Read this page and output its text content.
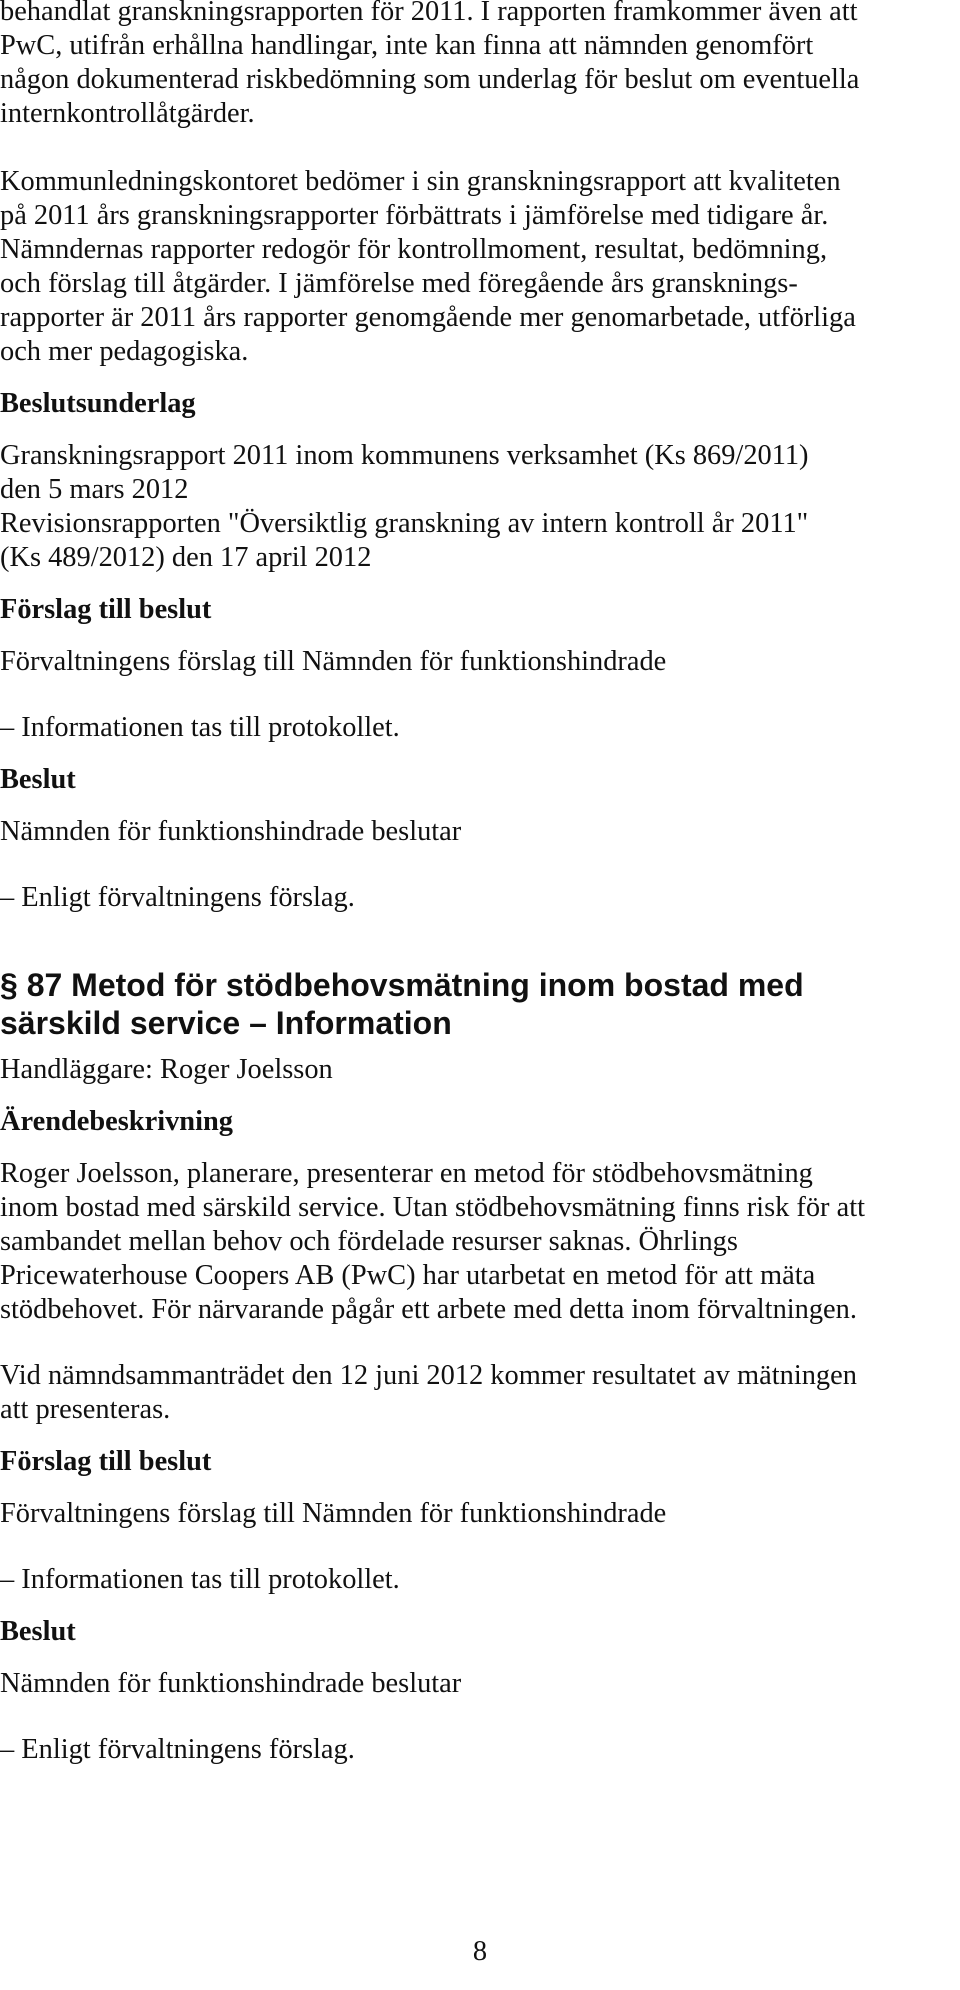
behandlat granskningsrapporten för 2011. I rapporten framkommer även att
PwC, utifrån erhållna handlingar, inte kan finna att nämnden genomfört
någon dokumenterad riskbedömning som underlag för beslut om eventuella
internkontrollåtgärder.
Kommunledningskontoret bedömer i sin granskningsrapport att kvaliteten
på 2011 års granskningsrapporter förbättrats i jämförelse med tidigare år.
Nämndernas rapporter redogör för kontrollmoment, resultat, bedömning,
och förslag till åtgärder. I jämförelse med föregående års gransknings-
rapporter är 2011 års rapporter genomgående mer genomarbetade, utförliga
och mer pedagogiska.
Beslutsunderlag
Granskningsrapport 2011 inom kommunens verksamhet (Ks 869/2011)
den 5 mars 2012
Revisionsrapporten "Översiktlig granskning av intern kontroll år 2011"
(Ks 489/2012) den 17 april 2012
Förslag till beslut
Förvaltningens förslag till Nämnden för funktionshindrade
– Informationen tas till protokollet.
Beslut
Nämnden för funktionshindrade beslutar
– Enligt förvaltningens förslag.
§ 87 Metod för stödbehovsmätning inom bostad med
särskild service – Information
Handläggare: Roger Joelsson
Ärendebeskrivning
Roger Joelsson, planerare, presenterar en metod för stödbehovsmätning
inom bostad med särskild service. Utan stödbehovsmätning finns risk för att
sambandet mellan behov och fördelade resurser saknas. Öhrlings
Pricewaterhouse Coopers AB (PwC) har utarbetat en metod för att mäta
stödbehovet. För närvarande pågår ett arbete med detta inom förvaltningen.
Vid nämndsammanträdet den 12 juni 2012 kommer resultatet av mätningen
att presenteras.
Förslag till beslut
Förvaltningens förslag till Nämnden för funktionshindrade
– Informationen tas till protokollet.
Beslut
Nämnden för funktionshindrade beslutar
– Enligt förvaltningens förslag.
8
